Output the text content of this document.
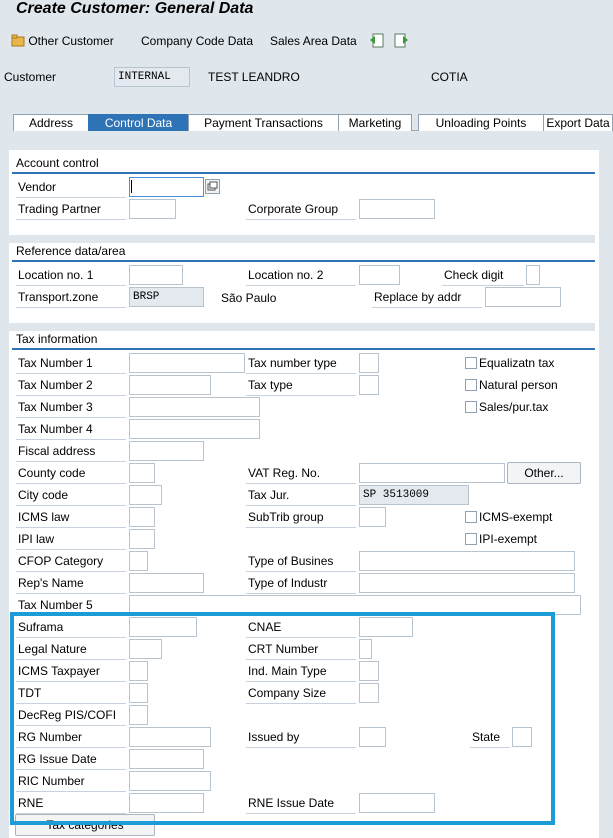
Create Customer: General Data
Other Customer Company Code Data Sales Area Data
Customer	INTERNAL	TEST LEANDRO	COTIA
Address	Control Data	Payment Transactions	Marketing	Unloading Points	Export Data
Account control
Vendor
Trading Partner	Corporate Group
Reference data/area
Location no. 1	Location no. 2	Check digit
Transport.zone	BRSP	São Paulo	Replace by addr
Tax information
Tax Number 1	Tax number type	Equalizatn tax
Tax Number 2	Tax type	Natural person
Tax Number 3	Sales/pur.tax
Tax Number 4
Fiscal address
County code	VAT Reg. No.	Other...
City code	Tax Jur.	SP 3513009
ICMS law	SubTrib group	ICMS-exempt
IPI law	IPI-exempt
CFOP Category	Type of Busines
Rep's Name	Type of Industr
Tax Number 5
Suframa	CNAE
Legal Nature	CRT Number
ICMS Taxpayer	Ind. Main Type
TDT	Company Size
DecReg PIS/COFI
RG Number	Issued by	State
RG Issue Date
RIC Number
RNE	RNE Issue Date
Tax categories
